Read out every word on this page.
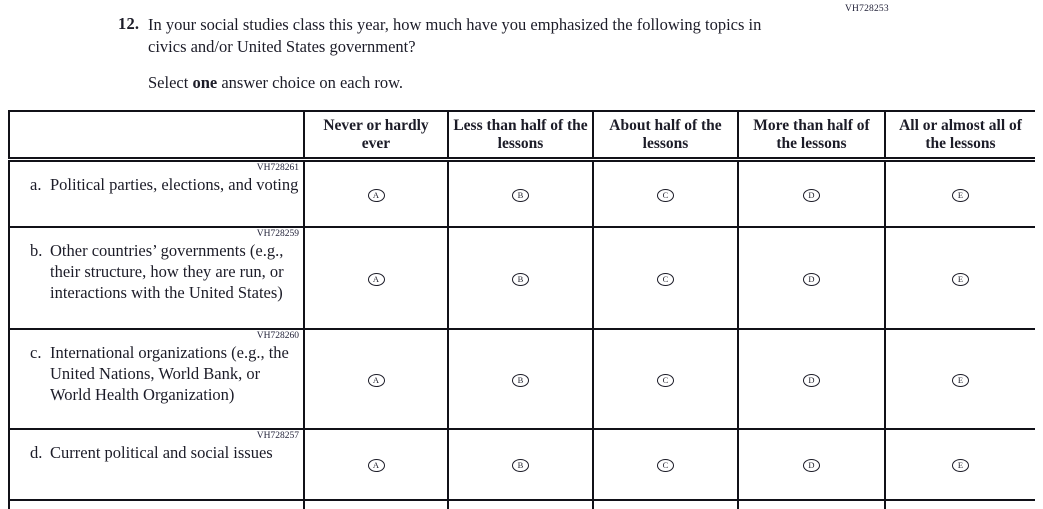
VH728253
12. In your social studies class this year, how much have you emphasized the following topics in civics and/or United States government?

Select one answer choice on each row.
	Never or hardly ever	Less than half of the lessons	About half of the lessons	More than half of the lessons	All or almost all of the lessons

VH728261
a. Political parties, elections, and voting	A	B	C	D	E

VH728259
b. Other countries’ governments (e.g., their structure, how they are run, or interactions with the United States)	A	B	C	D	E

VH728260
c. International organizations (e.g., the United Nations, World Bank, or World Health Organization)	A	B	C	D	E

VH728257
d. Current political and social issues	A	B	C	D	E
